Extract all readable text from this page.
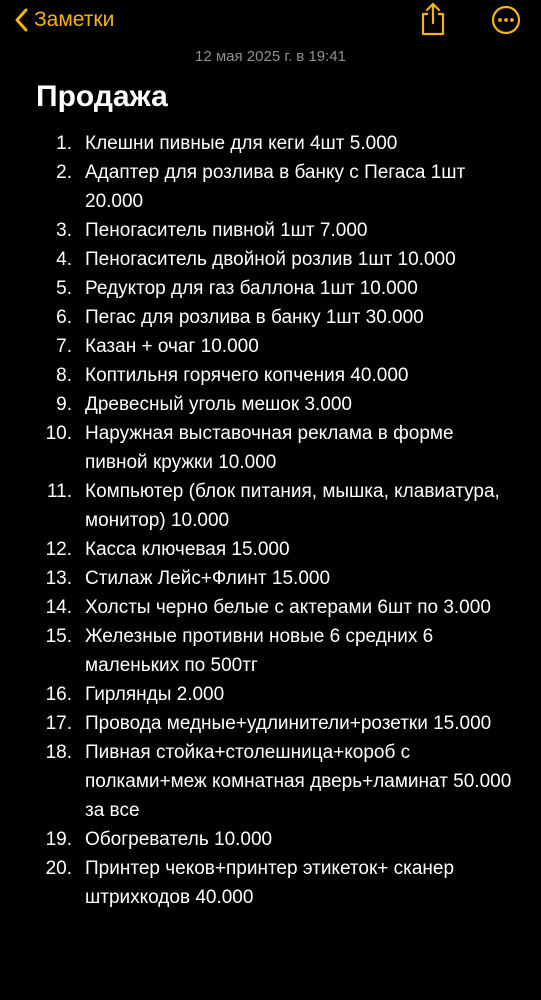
Заметки
12 мая 2025 г. в 19:41
Продажа
1. Клешни пивные для кеги 4шт 5.000
2. Адаптер для розлива в банку с Пегаса 1шт 20.000
3. Пеногаситель пивной 1шт 7.000
4. Пеногаситель двойной розлив 1шт 10.000
5. Редуктор для газ баллона 1шт 10.000
6. Пегас для розлива в банку 1шт 30.000
7. Казан + очаг 10.000
8. Коптильня горячего копчения 40.000
9. Древесный уголь мешок 3.000
10. Наружная выставочная реклама в форме пивной кружки 10.000
11. Компьютер (блок питания, мышка, клавиатура, монитор) 10.000
12. Касса ключевая 15.000
13. Стилаж Лейс+Флинт 15.000
14. Холсты черно белые с актерами 6шт по 3.000
15. Железные противни новые 6 средних 6 маленьких по 500тг
16. Гирлянды 2.000
17. Провода медные+удлинители+розетки 15.000
18. Пивная стойка+столешница+короб с полками+меж комнатная дверь+ламинат 50.000 за все
19. Обогреватель 10.000
20. Принтер чеков+принтер этикеток+ сканер штрихкодов 40.000
